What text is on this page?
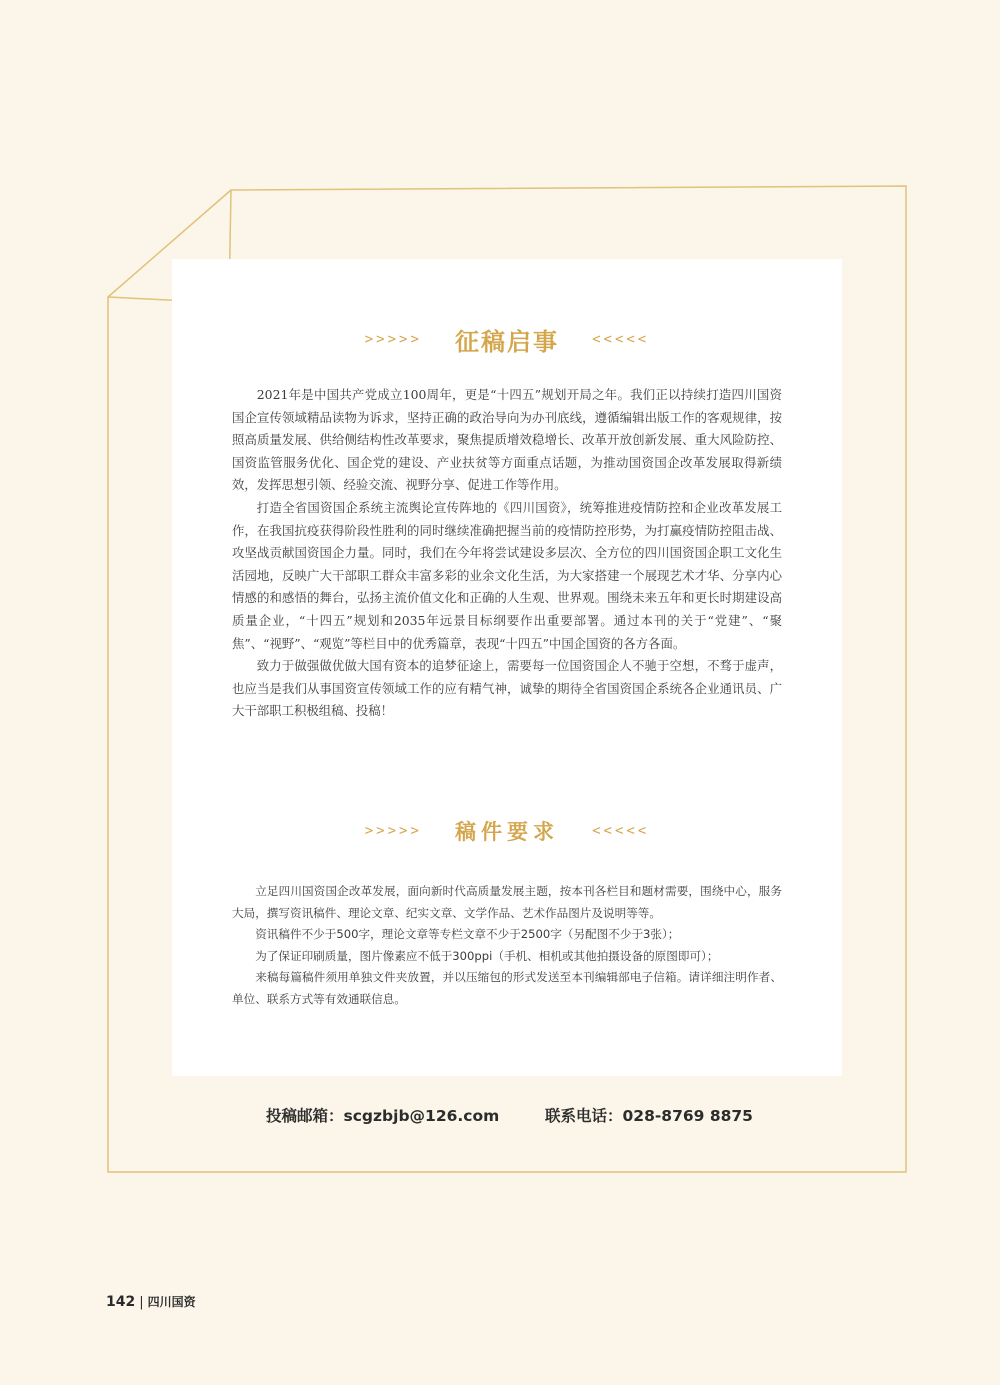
>>>>> 征稿启事 <<<<<

2021年是中国共产党成立100周年，更是“十四五”规划开局之年。我们正以持续打造四川国资国企宣传领域精品读物为诉求，坚持正确的政治导向为办刊底线，遵循编辑出版工作的客观规律，按照高质量发展、供给侧结构性改革要求，聚焦提质增效稳增长、改革开放创新发展、重大风险防控、国资监管服务优化、国企党的建设、产业扶贫等方面重点话题，为推动国资国企改革发展取得新绩效，发挥思想引领、经验交流、视野分享、促进工作等作用。

打造全省国资国企系统主流舆论宣传阵地的《四川国资》，统筹推进疫情防控和企业改革发展工作，在我国抗疫获得阶段性胜利的同时继续准确把握当前的疫情防控形势，为打赢疫情防控阻击战、攻坚战贡献国资国企力量。同时，我们在今年将尝试建设多层次、全方位的四川国资国企职工文化生活园地，反映广大干部职工群众丰富多彩的业余文化生活，为大家搭建一个展现艺术才华、分享内心情感的和感悟的舞台，弘扬主流价值文化和正确的人生观、世界观。围绕未来五年和更长时期建设高质量企业，“十四五”规划和2035年远景目标纲要作出重要部署。通过本刊的关于“党建”、“聚焦”、“视野”、“观览”等栏目中的优秀篇章，表现“十四五”中国企国资的各方各面。

致力于做强做优做大国有资本的追梦征途上，需要每一位国资国企人不驰于空想，不骛于虚声，也应当是我们从事国资宣传领域工作的应有精气神，诚挚的期待全省国资国企系统各企业通讯员、广大干部职工积极组稿、投稿！

>>>>> 稿件要求 <<<<<

立足四川国资国企改革发展，面向新时代高质量发展主题，按本刊各栏目和题材需要，围绕中心，服务大局，撰写资讯稿件、理论文章、纪实文章、文学作品、艺术作品图片及说明等等。

资讯稿件不少于500字，理论文章等专栏文章不少于2500字（另配图不少于3张）；

为了保证印刷质量，图片像素应不低于300ppi（手机、相机或其他拍摄设备的原图即可）；

来稿每篇稿件须用单独文件夹放置，并以压缩包的形式发送至本刊编辑部电子信箱。请详细注明作者、单位、联系方式等有效通联信息。

投稿邮箱：scgzbjb@126.com	联系电话：028-8769 8875
142 | 四川国资
